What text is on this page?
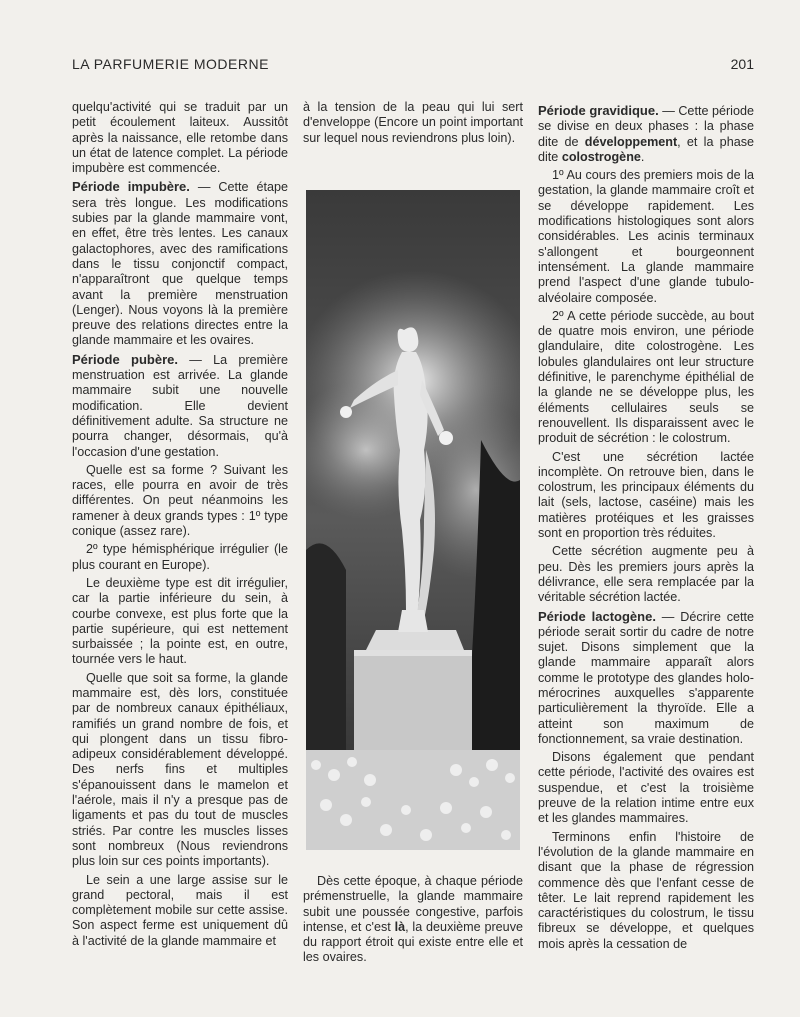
LA PARFUMERIE MODERNE	201

quelqu'activité qui se traduit par un petit écoulement laiteux. Aussitôt après la naissance, elle retombe dans un état de latence complet. La période impubère est commencée.

Période impubère. — Cette étape sera très longue. Les modifications subies par la glande mammaire vont, en effet, être très lentes. Les canaux galactophores, avec des ramifications dans le tissu conjonctif compact, n'apparaîtront que quelque temps avant la première menstruation (Lenger). Nous voyons là la première preuve des relations directes entre la glande mammaire et les ovaires.

Période pubère. — La première menstruation est arrivée. La glande mammaire subit une nouvelle modification. Elle devient définitivement adulte. Sa structure ne pourra changer, désormais, qu'à l'occasion d'une gestation.

Quelle est sa forme ? Suivant les races, elle pourra en avoir de très différentes. On peut néanmoins les ramener à deux grands types : 1º type conique (assez rare).

2º type hémisphérique irrégulier (le plus courant en Europe).

Le deuxième type est dit irrégulier, car la partie inférieure du sein, à courbe convexe, est plus forte que la partie supérieure, qui est nettement surbaissée ; la pointe est, en outre, tournée vers le haut.

Quelle que soit sa forme, la glande mammaire est, dès lors, constituée par de nombreux canaux épithéliaux, ramifiés un grand nombre de fois, et qui plongent dans un tissu fibro-adipeux considérablement développé. Des nerfs fins et multiples s'épanouissent dans le mamelon et l'aérole, mais il n'y a presque pas de ligaments et pas du tout de muscles striés. Par contre les muscles lisses sont nombreux (Nous reviendrons plus loin sur ces points importants).

Le sein a une large assise sur le grand pectoral, mais il est complètement mobile sur cette assise. Son aspect ferme est uniquement dû à l'activité de la glande mammaire et

à la tension de la peau qui lui sert d'enveloppe (Encore un point important sur lequel nous reviendrons plus loin).

Dès cette époque, à chaque période prémenstruelle, la glande mammaire subit une poussée congestive, parfois intense, et c'est là, la deuxième preuve du rapport étroit qui existe entre elle et les ovaires.

Période gravidique. — Cette période se divise en deux phases : la phase dite de développement, et la phase dite colostrogène.

1º Au cours des premiers mois de la gestation, la glande mammaire croît et se développe rapidement. Les modifications histologiques sont alors considérables. Les acinis terminaux s'allongent et bourgeonnent intensément. La glande mammaire prend l'aspect d'une glande tubulo-alvéolaire composée.

2º A cette période succède, au bout de quatre mois environ, une période glandulaire, dite colostrogène. Les lobules glandulaires ont leur structure définitive, le parenchyme épithélial de la glande ne se développe plus, les éléments cellulaires seuls se renouvellent. Ils disparaissent avec le produit de sécrétion : le colostrum.

C'est une sécrétion lactée incomplète. On retrouve bien, dans le colostrum, les principaux éléments du lait (sels, lactose, caséine) mais les matières protéiques et les graisses sont en proportion très réduites.

Cette sécrétion augmente peu à peu. Dès les premiers jours après la délivrance, elle sera remplacée par la véritable sécrétion lactée.

Période lactogène. — Décrire cette période serait sortir du cadre de notre sujet. Disons simplement que la glande mammaire apparaît alors comme le prototype des glandes holo-mérocrines auxquelles s'apparente particulièrement la thyroïde. Elle a atteint son maximum de fonctionnement, sa vraie destination.

Disons également que pendant cette période, l'activité des ovaires est suspendue, et c'est la troisième preuve de la relation intime entre eux et les glandes mammaires.

Terminons enfin l'histoire de l'évolution de la glande mammaire en disant que la phase de régression commence dès que l'enfant cesse de têter. Le lait reprend rapidement les caractéristiques du colostrum, le tissu fibreux se développe, et quelques mois après la cessation de
